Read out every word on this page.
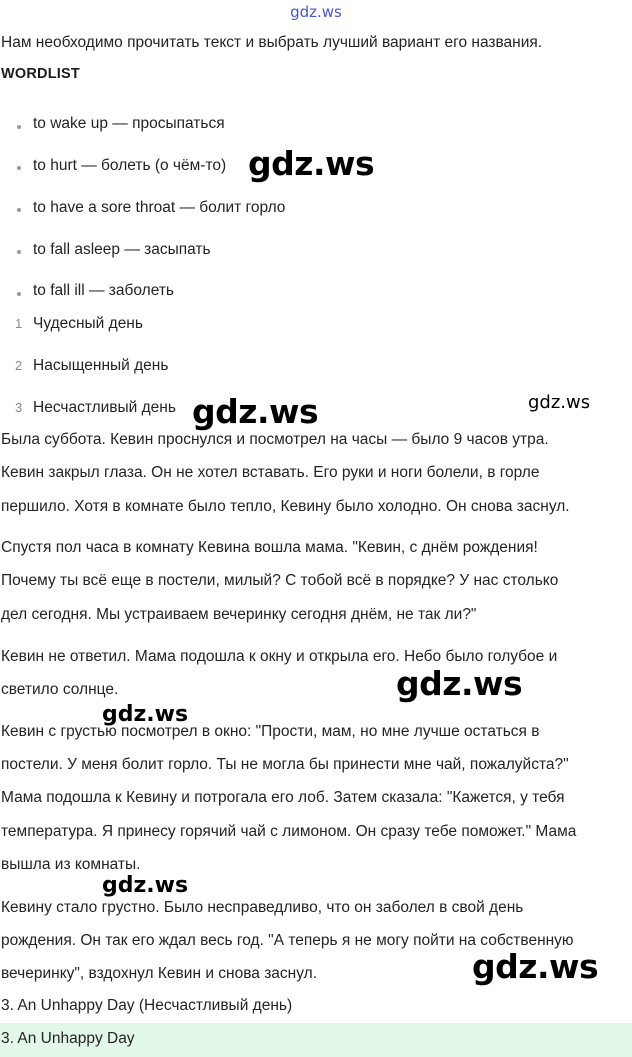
gdz.ws
Нам необходимо прочитать текст и выбрать лучший вариант его названия.
WORDLIST
to wake up — просыпаться
to hurt — болеть (о чём-то)
to have a sore throat — болит горло
to fall asleep — засыпать
to fall ill — заболеть
1 Чудесный день
2 Насыщенный день
3 Несчастливый день
Была суббота. Кевин проснулся и посмотрел на часы — было 9 часов утра.
Кевин закрыл глаза. Он не хотел вставать. Его руки и ноги болели, в горле
першило. Хотя в комнате было тепло, Кевину было холодно. Он снова заснул.
Спустя пол часа в комнату Кевина вошла мама. "Кевин, с днём рождения!
Почему ты всё еще в постели, милый? С тобой всё в порядке? У нас столько
дел сегодня. Мы устраиваем вечеринку сегодня днём, не так ли?"
Кевин не ответил. Мама подошла к окну и открыла его. Небо было голубое и
светило солнце.
Кевин с грустью посмотрел в окно: "Прости, мам, но мне лучше остаться в
постели. У меня болит горло. Ты не могла бы принести мне чай, пожалуйста?"
Мама подошла к Кевину и потрогала его лоб. Затем сказала: "Кажется, у тебя
температура. Я принесу горячий чай с лимоном. Он сразу тебе поможет." Мама
вышла из комнаты.
Кевину стало грустно. Было несправедливо, что он заболел в свой день
рождения. Он так его ждал весь год. "А теперь я не могу пойти на собственную
вечеринку", вздохнул Кевин и снова заснул.
3. An Unhappy Day (Несчастливый день)
3. An Unhappy Day
gdz.ws
gdz.ws	gdz.ws
gdz.ws
gdz.ws
gdz.ws
gdz.ws
